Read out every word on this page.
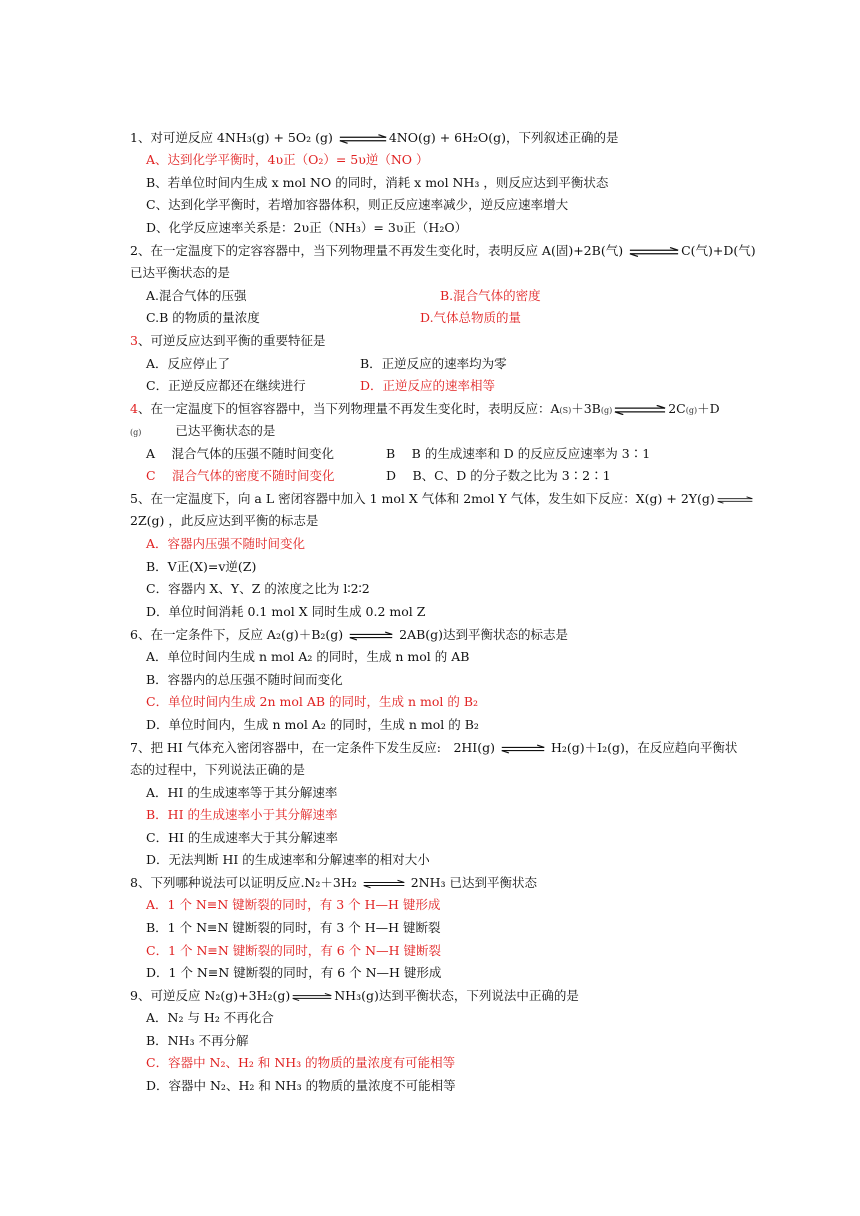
1、对可逆反应 4NH₃(g) + 5O₂ (g)	4NO(g) + 6H₂O(g)，下列叙述正确的是
A、达到化学平衡时，4υ正（O₂）= 5υ逆（NO ）
B、若单位时间内生成 x mol NO 的同时，消耗 x mol NH₃ ，则反应达到平衡状态
C、达到化学平衡时，若增加容器体积，则正反应速率减少，逆反应速率增大
D、化学反应速率关系是：2υ正（NH₃）= 3υ正（H₂O）
2、在一定温度下的定容容器中，当下列物理量不再发生变化时，表明反应 A(固)+2B(气)	C(气)+D(气)
已达平衡状态的是
A.混合气体的压强	B.混合气体的密度
C.B 的物质的量浓度	D.气体总物质的量
3、可逆反应达到平衡的重要特征是
A．反应停止了	B．正逆反应的速率均为零
C．正逆反应都还在继续进行	D．正逆反应的速率相等
4、在一定温度下的恒容容器中，当下列物理量不再发生变化时，表明反应：A(S)＋3B(g)	2C(g)＋D
(g)	已达平衡状态的是
A　 混合气体的压强不随时间变化	B　 B 的生成速率和 D 的反应反应速率为 3∶1
C　 混合气体的密度不随时间变化	D　 B、C、D 的分子数之比为 3∶2∶1
5、在一定温度下，向 a L 密闭容器中加入 1 mol X 气体和 2mol Y 气体，发生如下反应：X(g) + 2Y(g)
2Z(g) ，此反应达到平衡的标志是
A．容器内压强不随时间变化
B．V正(X)=v逆(Z)
C．容器内 X、Y、Z 的浓度之比为 l∶2∶2
D．单位时间消耗 0.1 mol X 同时生成 0.2 mol Z
6、在一定条件下，反应 A₂(g)＋B₂(g)	2AB(g)达到平衡状态的标志是
A．单位时间内生成 n mol A₂ 的同时，生成 n mol 的 AB
B．容器内的总压强不随时间而变化
C．单位时间内生成 2n mol AB 的同时，生成 n mol 的 B₂
D．单位时间内，生成 n mol A₂ 的同时，生成 n mol 的 B₂
7、把 HI 气体充入密闭容器中，在一定条件下发生反应:　2HI(g)	H₂(g)＋I₂(g)，在反应趋向平衡状
态的过程中，下列说法正确的是
A．HI 的生成速率等于其分解速率
B．HI 的生成速率小于其分解速率
C．HI 的生成速率大于其分解速率
D．无法判断 HI 的生成速率和分解速率的相对大小
8、下列哪种说法可以证明反应.N₂＋3H₂	2NH₃ 已达到平衡状态
A．1 个 N≡N 键断裂的同时，有 3 个 H—H 键形成
B．1 个 N≡N 键断裂的同时，有 3 个 H—H 键断裂
C．1 个 N≡N 键断裂的同时，有 6 个 N—H 键断裂
D．1 个 N≡N 键断裂的同时，有 6 个 N—H 键形成
9、可逆反应 N₂(g)+3H₂(g)	NH₃(g)达到平衡状态，下列说法中正确的是
A．N₂ 与 H₂ 不再化合
B．NH₃ 不再分解
C．容器中 N₂、H₂ 和 NH₃ 的物质的量浓度有可能相等
D．容器中 N₂、H₂ 和 NH₃ 的物质的量浓度不可能相等
